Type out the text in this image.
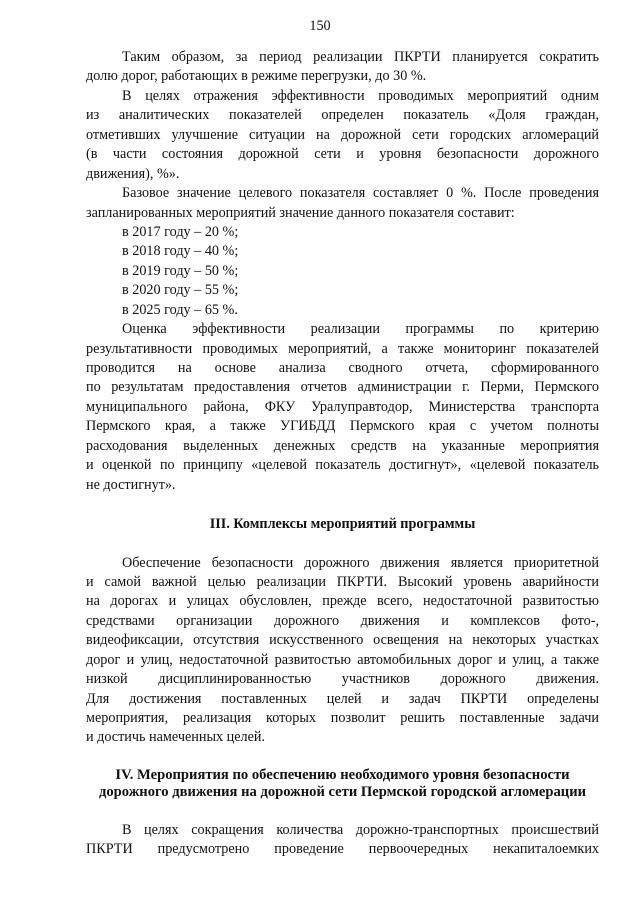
150
Таким образом, за период реализации ПКРТИ планируется сократить
долю дорог, работающих в режиме перегрузки, до 30 %.
В целях отражения эффективности проводимых мероприятий одним
из аналитических показателей определен показатель «Доля граждан,
отметивших улучшение ситуации на дорожной сети городских агломераций
(в части состояния дорожной сети и уровня безопасности дорожного
движения), %».
Базовое значение целевого показателя составляет 0 %. После проведения
запланированных мероприятий значение данного показателя составит:
в 2017 году – 20 %;
в 2018 году – 40 %;
в 2019 году – 50 %;
в 2020 году – 55 %;
в 2025 году – 65 %.
Оценка эффективности реализации программы по критерию
результативности проводимых мероприятий, а также мониторинг показателей
проводится на основе анализа сводного отчета, сформированного
по результатам предоставления отчетов администрации г. Перми, Пермского
муниципального района, ФКУ Уралуправтодор, Министерства транспорта
Пермского края, а также УГИБДД Пермского края с учетом полноты
расходования выделенных денежных средств на указанные мероприятия
и оценкой по принципу «целевой показатель достигнут», «целевой показатель
не достигнут».
III. Комплексы мероприятий программы
Обеспечение безопасности дорожного движения является приоритетной
и самой важной целью реализации ПКРТИ. Высокий уровень аварийности
на дорогах и улицах обусловлен, прежде всего, недостаточной развитостью
средствами организации дорожного движения и комплексов фото-,
видеофиксации, отсутствия искусственного освещения на некоторых участках
дорог и улиц, недостаточной развитостью автомобильных дорог и улиц, а также
низкой дисциплинированностью участников дорожного движения.
Для достижения поставленных целей и задач ПКРТИ определены
мероприятия, реализация которых позволит решить поставленные задачи
и достичь намеченных целей.
IV. Мероприятия по обеспечению необходимого уровня безопасности
дорожного движения на дорожной сети Пермской городской агломерации
В целях сокращения количества дорожно-транспортных происшествий
ПКРТИ предусмотрено проведение первоочередных некапиталоемких
